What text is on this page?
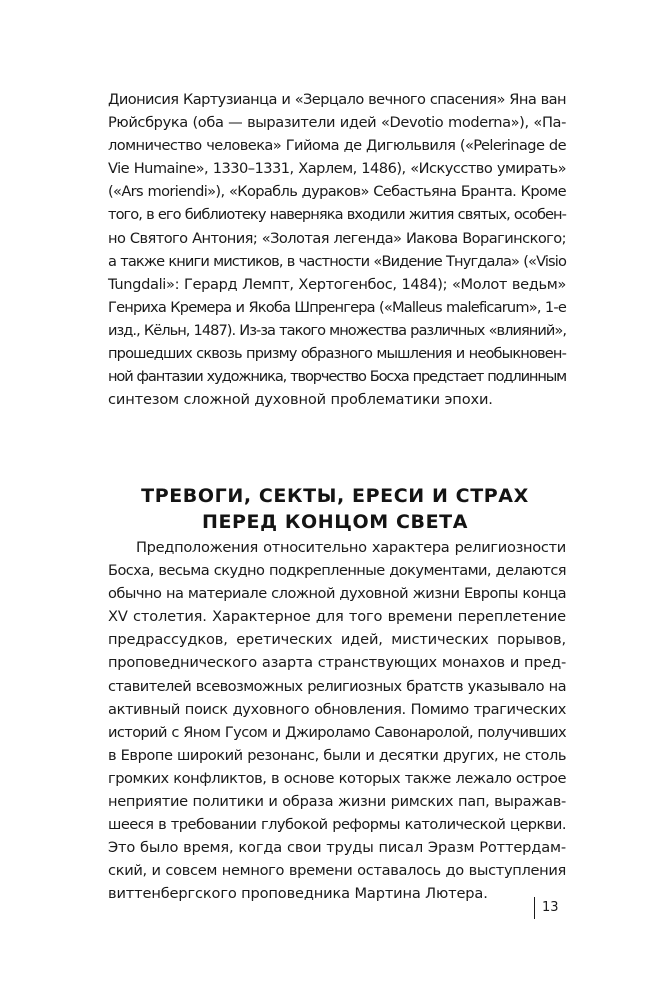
Дионисия Картузианца и «Зерцало вечного спасения» Яна ван
Рюйсбрука (оба — выразители идей «Devotio moderna»), «Па-
ломничество человека» Гийома де Дигюльвиля («Pelerinage de
Vie Humaine», 1330–1331, Харлем, 1486), «Искусство умирать»
(«Ars moriendi»), «Корабль дураков» Себастьяна Бранта. Кроме
того, в его библиотеку наверняка входили жития святых, особен-
но Святого Антония; «Золотая легенда» Иакова Ворагинского;
а также книги мистиков, в частности «Видение Тнугдала» («Visio
Tungdali»: Герард Лемпт, Хертогенбос, 1484); «Молот ведьм»
Генриха Кремера и Якоба Шпренгера («Malleus maleficarum», 1-е
изд., Кёльн, 1487). Из-за такого множества различных «влияний»,
прошедших сквозь призму образного мышления и необыкновен-
ной фантазии художника, творчество Босха предстает подлинным
синтезом сложной духовной проблематики эпохи.
ТРЕВОГИ, СЕКТЫ, ЕРЕСИ И СТРАХ
ПЕРЕД КОНЦОМ СВЕТА
Предположения относительно характера религиозности
Босха, весьма скудно подкрепленные документами, делаются
обычно на материале сложной духовной жизни Европы конца
XV столетия. Характерное для того времени переплетение
предрассудков, еретических идей, мистических порывов,
проповеднического азарта странствующих монахов и пред-
ставителей всевозможных религиозных братств указывало на
активный поиск духовного обновления. Помимо трагических
историй с Яном Гусом и Джироламо Савонаролой, получивших
в Европе широкий резонанс, были и десятки других, не столь
громких конфликтов, в основе которых также лежало острое
неприятие политики и образа жизни римских пап, выражав-
шееся в требовании глубокой реформы католической церкви.
Это было время, когда свои труды писал Эразм Роттердам-
ский, и совсем немного времени оставалось до выступления
виттенбергского проповедника Мартина Лютера.
13
